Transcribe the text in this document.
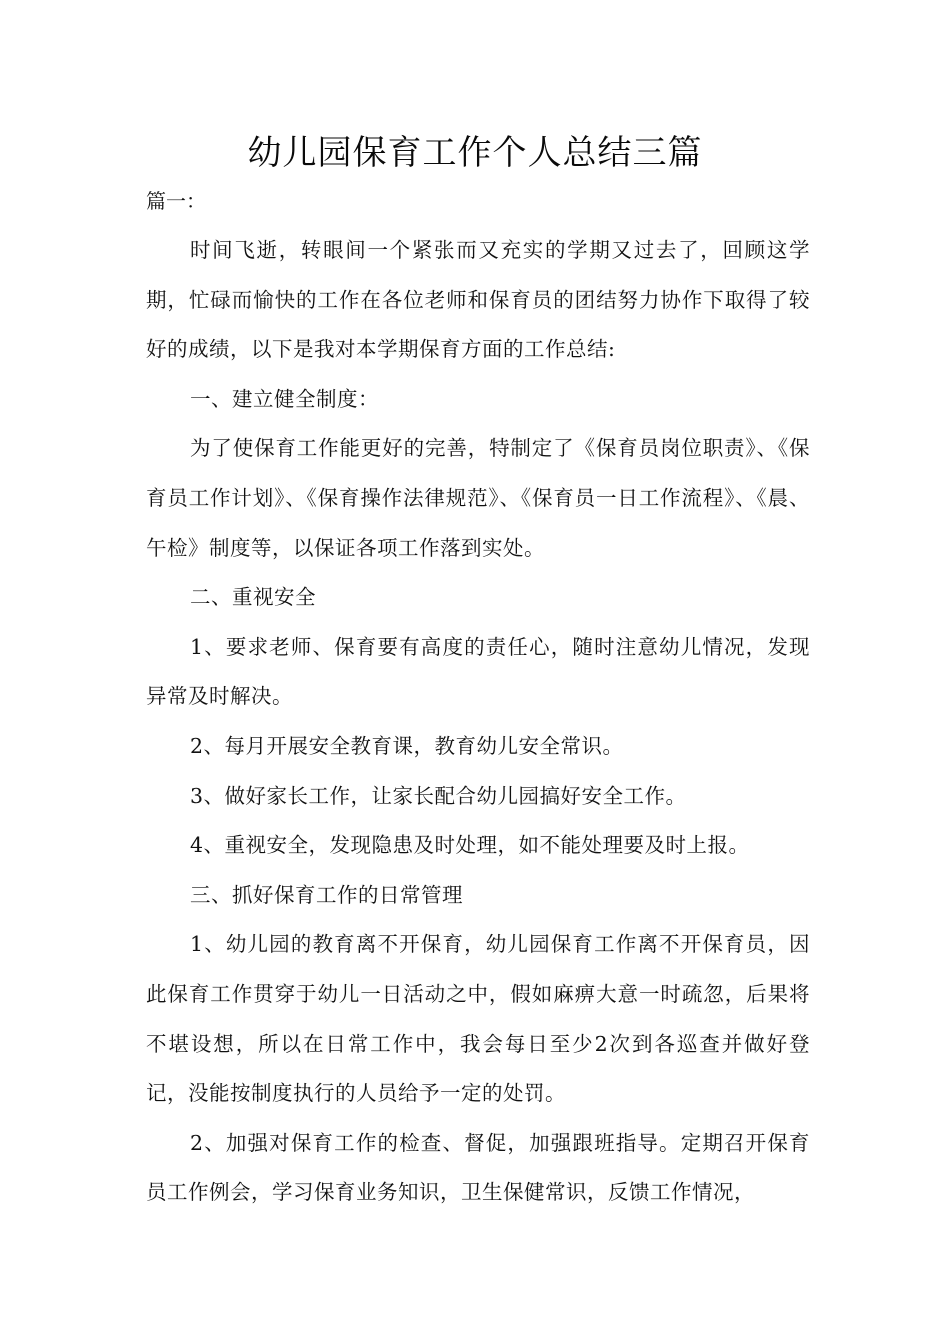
幼儿园保育工作个人总结三篇
篇一：

时间飞逝，转眼间一个紧张而又充实的学期又过去了，回顾这学期，忙碌而愉快的工作在各位老师和保育员的团结努力协作下取得了较好的成绩，以下是我对本学期保育方面的工作总结:

一、建立健全制度：

为了使保育工作能更好的完善，特制定了《保育员岗位职责》、《保育员工作计划》、《保育操作法律规范》、《保育员一日工作流程》、《晨、午检》制度等，以保证各项工作落到实处。

二、重视安全

1、要求老师、保育要有高度的责任心，随时注意幼儿情况，发现异常及时解决。

2、每月开展安全教育课，教育幼儿安全常识。

3、做好家长工作，让家长配合幼儿园搞好安全工作。

4、重视安全，发现隐患及时处理，如不能处理要及时上报。

三、抓好保育工作的日常管理

1、幼儿园的教育离不开保育，幼儿园保育工作离不开保育员，因此保育工作贯穿于幼儿一日活动之中，假如麻痹大意一时疏忽，后果将不堪设想，所以在日常工作中，我会每日至少2次到各巡查并做好登记，没能按制度执行的人员给予一定的处罚。

2、加强对保育工作的检查、督促，加强跟班指导。定期召开保育员工作例会，学习保育业务知识，卫生保健常识，反馈工作情况，
